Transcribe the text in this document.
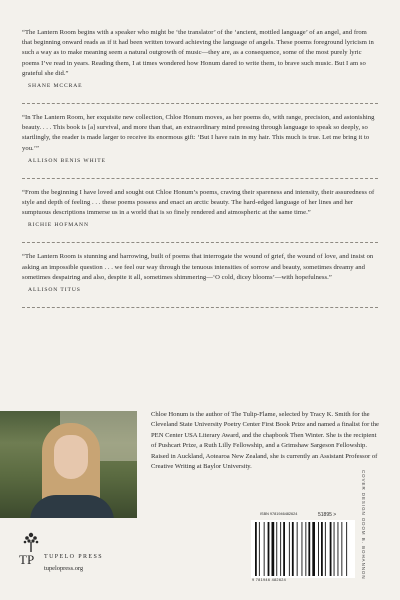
“The Lantern Room begins with a speaker who might be ‘the translator’ of the ‘ancient, mottled language’ of an angel, and from that beginning onward reads as if it had been written toward achieving the language of angels. These poems foreground lyricism in such a way as to make meaning seem a natural outgrowth of music—they are, as a consequence, some of the most purely lyric poems I’ve read in years. Reading them, I at times wondered how Honum dared to write them, to brave such music. But I am so grateful she did.”

SHANE MCCRAE

“In The Lantern Room, her exquisite new collection, Chloe Honum moves, as her poems do, with range, precision, and astonishing beauty. . . . This book is [a] survival, and more than that, an extraordinary mind pressing through language to speak so deeply, so startlingly, the reader is made larger to receive its enormous gift: ‘But I have rain in my hair. This much is true. Let me bring it to you.’”

ALLISON BENIS WHITE

“From the beginning I have loved and sought out Chloe Honum’s poems, craving their spareness and intensity, their assuredness of style and depth of feeling . . . these poems possess and enact an arctic beauty. The hard-edged language of her lines and her sumptuous descriptions immerse us in a world that is so finely rendered and atmospheric at the same time.”

RICHIE HOFMANN

“The Lantern Room is stunning and harrowing, built of poems that interrogate the wound of grief, the wound of love, and insist on asking an impossible question . . . we feel our way through the tenuous intensities of sorrow and beauty, sometimes dreamy and sometimes despairing and also, despite it all, sometimes shimmering—‘O cold, dicey blooms’—with hopefulness.”

ALLISON TITUS

Chloe Honum is the author of The Tulip-Flame, selected by Tracy K. Smith for the Cleveland State University Poetry Center First Book Prize and named a finalist for the PEN Center USA Literary Award, and the chapbook Then Winter. She is the recipient of Pushcart Prize, a Ruth Lilly Fellowship, and a Grimshaw Sargeson Fellowship. Raised in Auckland, Aotearoa New Zealand, she is currently an Assistant Professor of Creative Writing at Baylor University.

TP TUPELO PRESS
tupelopress.org
ISBN 9781946482624	51895 >
9 781946 482624
COVER DESIGN ODOM B. BOHANNON
